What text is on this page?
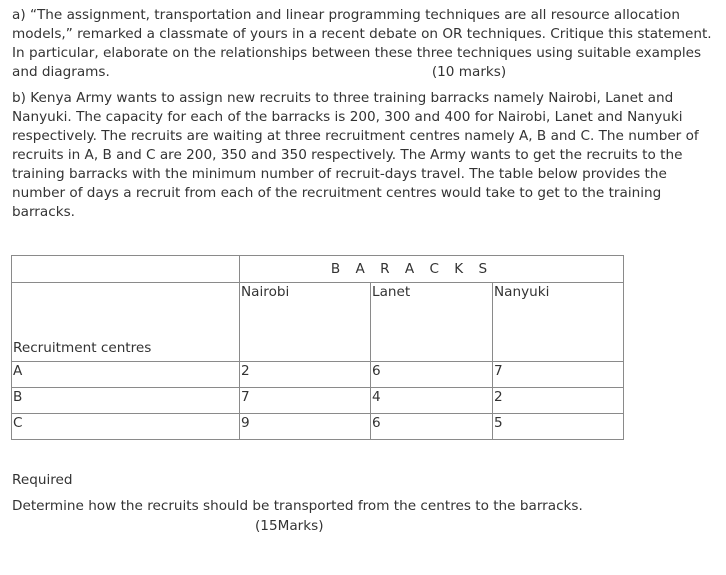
a) “The assignment, transportation and linear programming techniques are all resource allocation
models,” remarked a classmate of yours in a recent debate on OR techniques. Critique this statement.
In particular, elaborate on the relationships between these three techniques using suitable examples
and diagrams.	(10 marks)
b) Kenya Army wants to assign new recruits to three training barracks namely Nairobi, Lanet and
Nanyuki. The capacity for each of the barracks is 200, 300 and 400 for Nairobi, Lanet and Nanyuki
respectively. The recruits are waiting at three recruitment centres namely A, B and C. The number of
recruits in A, B and C are 200, 350 and 350 respectively. The Army wants to get the recruits to the
training barracks with the minimum number of recruit-days travel. The table below provides the
number of days a recruit from each of the recruitment centres would take to get to the training
barracks.
	B A R A C K S		

Recruitment centres	Nairobi	Lanet	Nanyuki
A	2	6	7
B	7	4	2
C	9	6	5
Required
Determine how the recruits should be transported from the centres to the barracks.
(15Marks)
